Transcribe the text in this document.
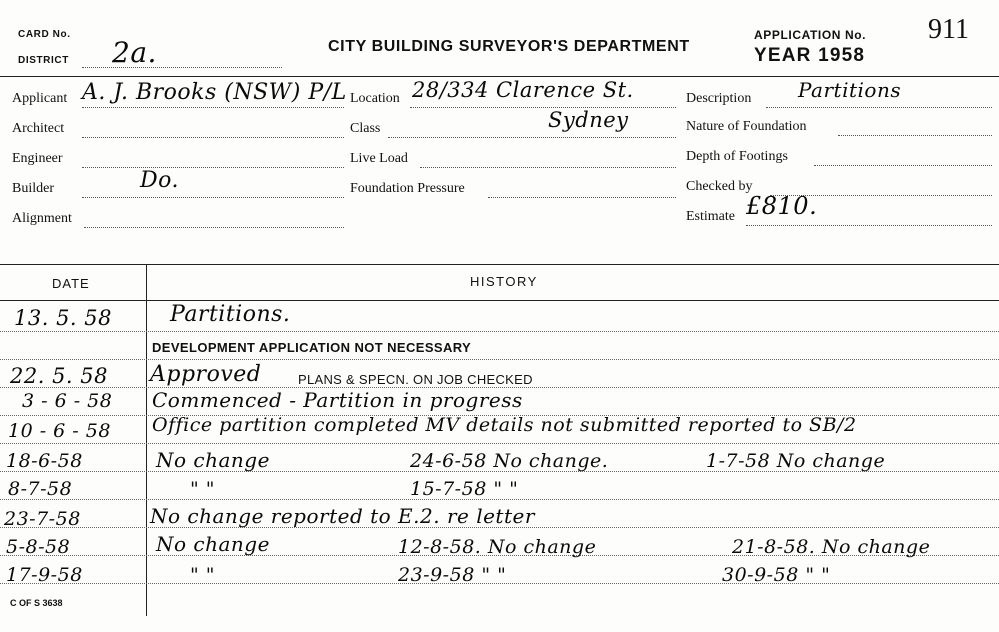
CARD No.
DISTRICT 2a.	CITY BUILDING SURVEYOR'S DEPARTMENT
APPLICATION No. 911
YEAR 1958
Applicant A. J. Brooks (NSW) P/L
Architect
Engineer
Builder	Do.
Alignment
Location 28/334 Clarence St.
Class	Sydney
Live Load
Foundation Pressure
Description Partitions
Nature of Foundation
Depth of Footings
Checked by
Estimate £810.
DATE	HISTORY
13. 5. 58	Partitions.
DEVELOPMENT APPLICATION NOT NECESSARY
22. 5. 58 Approved	PLANS & SPECN. ON JOB CHECKED
3 - 6 - 58 Commenced - Partition in progress
10 - 6 - 58 Office partition completed MV details not submitted reported to SB/2
18-6-58	No change	24-6-58 No change.	1-7-58 No change
8-7-58	" "	15-7-58 " "
23-7-58	No change reported to E.2. re letter
5-8-58	No change	12-8-58. No change	21-8-58. No change
17-9-58	" "	23-9-58 " "	30-9-58 " "
C OF S 3638
